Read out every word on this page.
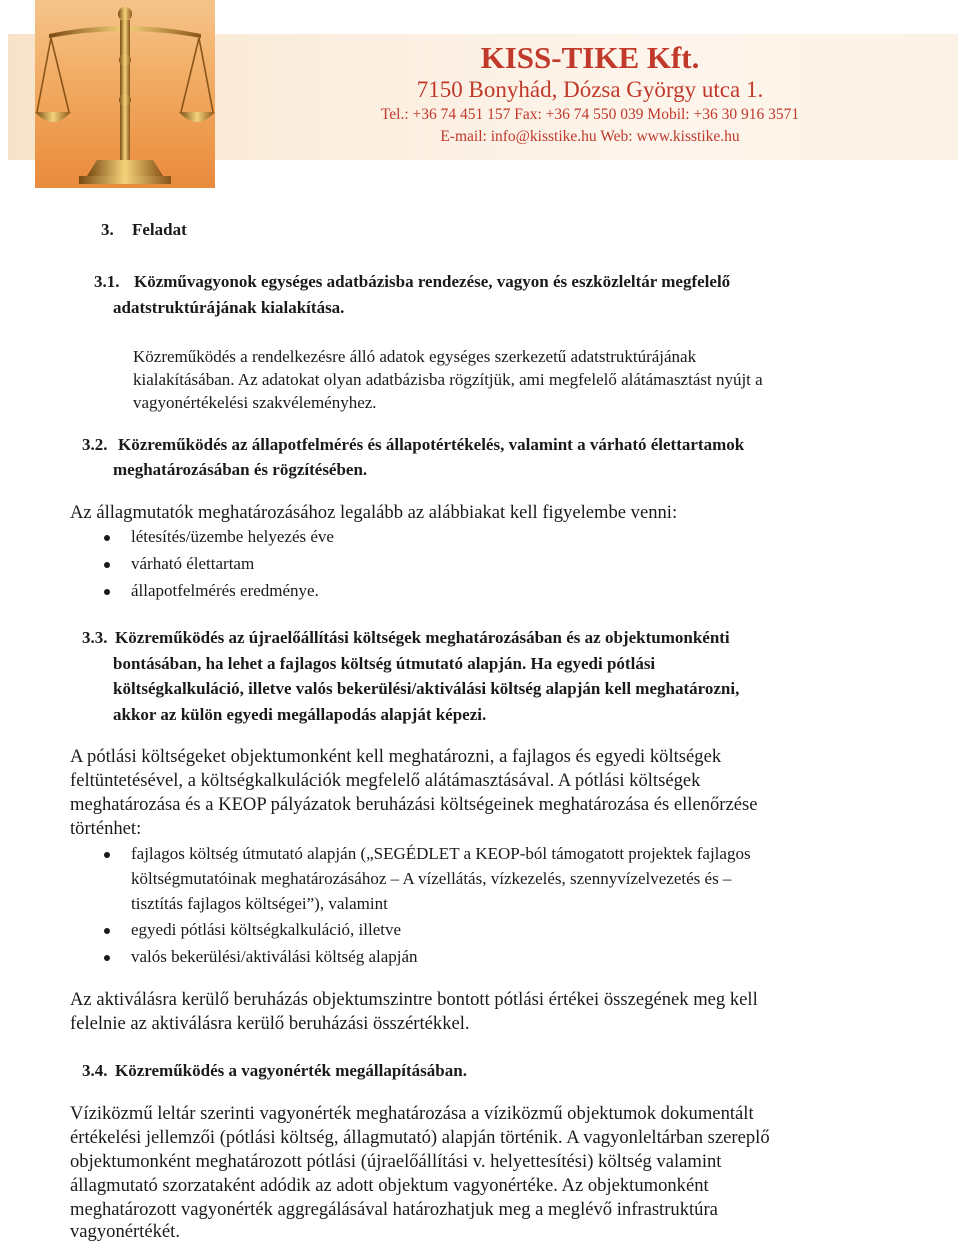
KISS-TIKE Kft.
7150 Bonyhád, Dózsa György utca 1.
Tel.: +36 74 451 157 Fax: +36 74 550 039 Mobil: +36 30 916 3571
E-mail: info@kisstike.hu Web: www.kisstike.hu
3. Feladat
3.1. Közművagyonok egységes adatbázisba rendezése, vagyon és eszközleltár megfelelő
adatstruktúrájának kialakítása.
Közreműködés a rendelkezésre álló adatok egységes szerkezetű adatstruktúrájának
kialakításában. Az adatokat olyan adatbázisba rögzítjük, ami megfelelő alátámasztást nyújt a
vagyonértékelési szakvéleményhez.
3.2. Közreműködés az állapotfelmérés és állapotértékelés, valamint a várható élettartamok
meghatározásában és rögzítésében.
Az állagmutatók meghatározásához legalább az alábbiakat kell figyelembe venni:
létesítés/üzembe helyezés éve
várható élettartam
állapotfelmérés eredménye.
3.3. Közreműködés az újraelőállítási költségek meghatározásában és az objektumonkénti
bontásában, ha lehet a fajlagos költség útmutató alapján. Ha egyedi pótlási
költségkalkuláció, illetve valós bekerülési/aktiválási költség alapján kell meghatározni,
akkor az külön egyedi megállapodás alapját képezi.
A pótlási költségeket objektumonként kell meghatározni, a fajlagos és egyedi költségek
feltüntetésével, a költségkalkulációk megfelelő alátámasztásával. A pótlási költségek
meghatározása és a KEOP pályázatok beruházási költségeinek meghatározása és ellenőrzése
történhet:
fajlagos költség útmutató alapján („SEGÉDLET a KEOP-ból támogatott projektek fajlagos
költségmutatóinak meghatározásához – A vízellátás, vízkezelés, szennyvízelvezetés és –
tisztítás fajlagos költségei”), valamint
egyedi pótlási költségkalkuláció, illetve
valós bekerülési/aktiválási költség alapján
Az aktiválásra kerülő beruházás objektumszintre bontott pótlási értékei összegének meg kell
felelnie az aktiválásra kerülő beruházási összértékkel.
3.4. Közreműködés a vagyonérték megállapításában.
Víziközmű leltár szerinti vagyonérték meghatározása a víziközmű objektumok dokumentált
értékelési jellemzői (pótlási költség, állagmutató) alapján történik. A vagyonleltárban szereplő
objektumonként meghatározott pótlási (újraelőállítási v. helyettesítési) költség valamint
állagmutató szorzataként adódik az adott objektum vagyonértéke. Az objektumonként
meghatározott vagyonérték aggregálásával határozhatjuk meg a meglévő infrastruktúra
vagyonértékét.
